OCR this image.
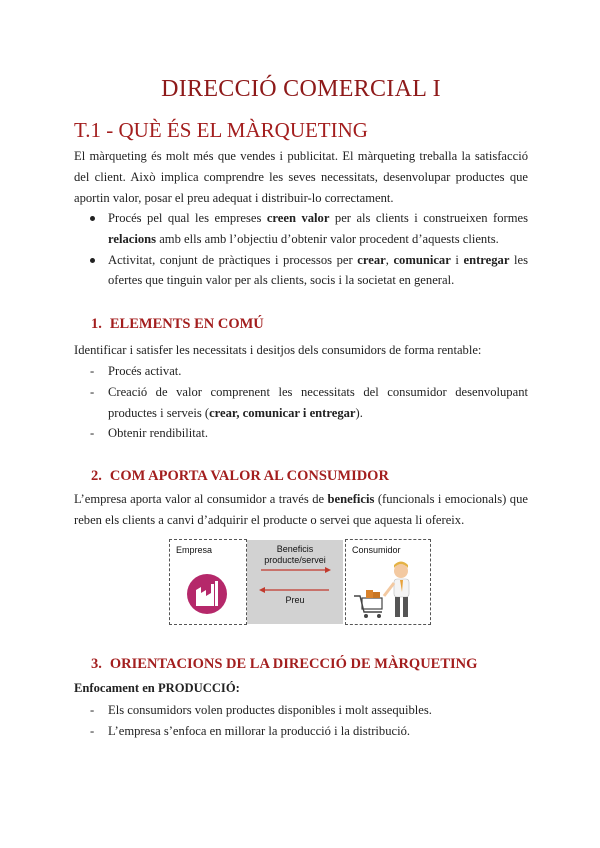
DIRECCIÓ COMERCIAL I
T.1 - QUÈ ÉS EL MÀRQUETING

El màrqueting és molt més que vendes i publicitat. El màrqueting treballa la satisfacció del client. Això implica comprendre les seves necessitats, desenvolupar productes que aportin valor, posar el preu adequat i distribuir-lo correctament.

Procés pel qual les empreses creen valor per als clients i construeixen formes relacions amb ells amb l’objectiu d’obtenir valor procedent d’aquests clients.
Activitat, conjunt de pràctiques i processos per crear, comunicar i entregar les ofertes que tinguin valor per als clients, socis i la societat en general.
1. ELEMENTS EN COMÚ

Identificar i satisfer les necessitats i desitjos dels consumidors de forma rentable:

- Procés activat.
- Creació de valor comprenent les necessitats del consumidor desenvolupant productes i serveis (crear, comunicar i entregar).
- Obtenir rendibilitat.
2. COM APORTA VALOR AL CONSUMIDOR

L’empresa aporta valor al consumidor a través de beneficis (funcionals i emocionals) que reben els clients a canvi d’adquirir el producte o servei que aquesta li ofereix.

Empresa	Beneficis
producte/servei
Preu
Consumidor
3. ORIENTACIONS DE LA DIRECCIÓ DE MÀRQUETING

Enfocament en PRODUCCIÓ:

- Els consumidors volen productes disponibles i molt assequibles.
- L’empresa s’enfoca en millorar la producció i la distribució.
